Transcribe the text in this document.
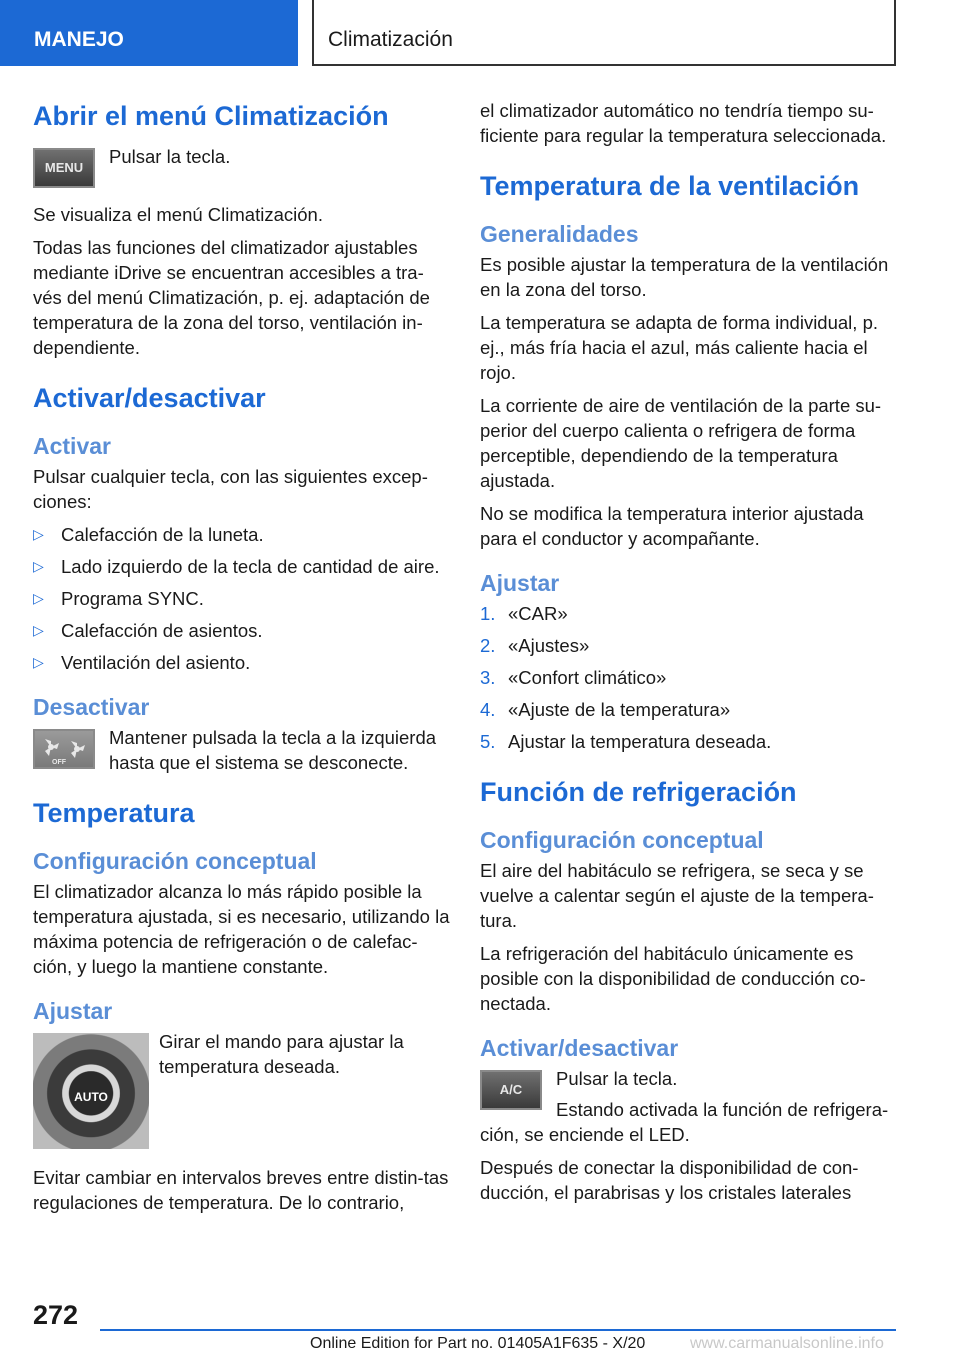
MANEJO	Climatización
Abrir el menú Climatización
MENU
Pulsar la tecla.

Se visualiza el menú Climatización.

Todas las funciones del climatizador ajustables mediante iDrive se encuentran accesibles a tra-vés del menú Climatización, p. ej. adaptación de temperatura de la zona del torso, ventilación in-dependiente.

Activar/desactivar
Activar

Pulsar cualquier tecla, con las siguientes excep-ciones:

▷ Calefacción de la luneta.
▷ Lado izquierdo de la tecla de cantidad de aire.
▷ Programa SYNC.
▷ Calefacción de asientos.
▷ Ventilación del asiento.
Desactivar
OFF
Mantener pulsada la tecla a la izquierda hasta que el sistema se desconecte.
Temperatura
Configuración conceptual

El climatizador alcanza lo más rápido posible la temperatura ajustada, si es necesario, utilizando la máxima potencia de refrigeración o de calefac-ción, y luego la mantiene constante.

Ajustar
AUTO
Girar el mando para ajustar la temperatura deseada.

Evitar cambiar en intervalos breves entre distin-tas regulaciones de temperatura. De lo contrario,

el climatizador automático no tendría tiempo su-ficiente para regular la temperatura seleccionada.

Temperatura de la ventilación
Generalidades

Es posible ajustar la temperatura de la ventilación en la zona del torso.

La temperatura se adapta de forma individual, p. ej., más fría hacia el azul, más caliente hacia el rojo.

La corriente de aire de ventilación de la parte su-perior del cuerpo calienta o refrigera de forma perceptible, dependiendo de la temperatura ajustada.

No se modifica la temperatura interior ajustada para el conductor y acompañante.

Ajustar
1. «CAR»
2. «Ajustes»
3. «Confort climático»
4. «Ajuste de la temperatura»
5. Ajustar la temperatura deseada.
Función de refrigeración
Configuración conceptual

El aire del habitáculo se refrigera, se seca y se vuelve a calentar según el ajuste de la tempera-tura.

La refrigeración del habitáculo únicamente es posible con la disponibilidad de conducción co-nectada.

Activar/desactivar
A/C
Pulsar la tecla.
Estando activada la función de refrigera-ción, se enciende el LED.

Después de conectar la disponibilidad de con-ducción, el parabrisas y los cristales laterales

272
Online Edition for Part no. 01405A1F635 - X/20	www.carmanualsonline.info
